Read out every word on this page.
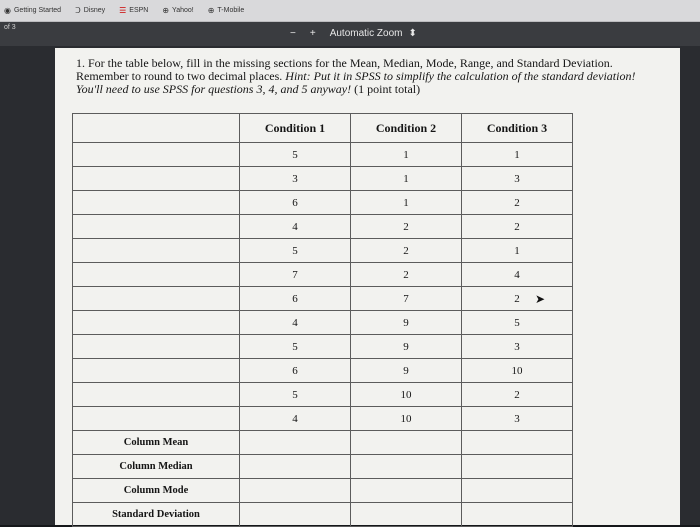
◉ Getting Started Ↄ Disney ☰ ESPN ⊕ Yahoo! ⊕ T-Mobile
of 3
− + Automatic Zoom ⬍
1. For the table below, fill in the missing sections for the Mean, Median, Mode, Range, and Standard Deviation. Remember to round to two decimal places. Hint: Put it in SPSS to simplify the calculation of the standard deviation! You'll need to use SPSS for questions 3, 4, and 5 anyway! (1 point total)
	Condition 1	Condition 2	Condition 3
	5	1	1
	3	1	3
	6	1	2
	4	2	2
	5	2	1
	7	2	4
	6	7	2
	4	9	5
	5	9	3
	6	9	10
	5	10	2
	4	10	3
Column Mean			
Column Median			
Column Mode			
Standard Deviation			
➤
